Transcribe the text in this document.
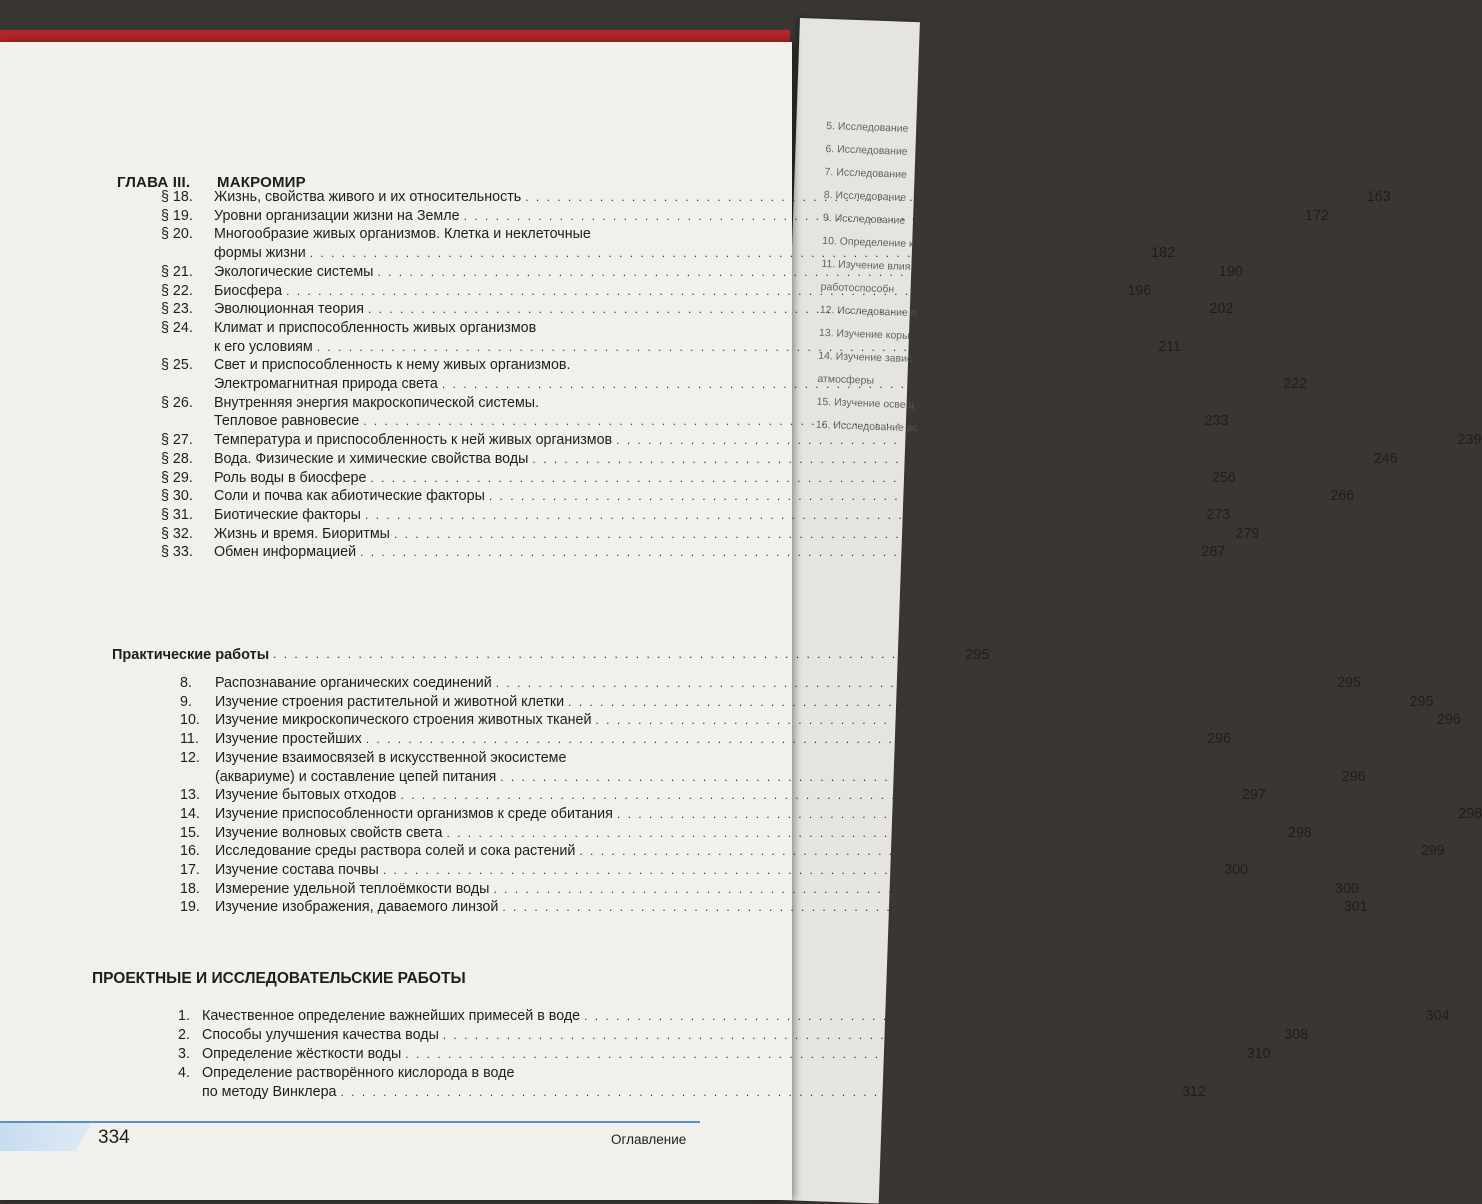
5. Исследование
6. Исследование
7. Исследование
8. Исследование
9. Исследование
10. Определение к
11. Изучение влия
работоспособн
12. Исследование п
13. Изучение коры
14. Изучение завис
атмосферы
15. Изучение освещ
16. Исследование вс
ГЛАВА III. МАКРОМИР
§ 18.	Жизнь, свойства живого и их относительность . . .	163
§ 19.	Уровни организации жизни на Земле . . .	172
§ 20. Многообразие живых организмов. Клетка и неклеточные
формы жизни . . .	182
§ 21.	Экологические системы . . .	190
§ 22.	Биосфера . . .	196
§ 23.	Эволюционная теория . . .	202
§ 24. Климат и приспособленность живых организмов
к его условиям . . .	211
§ 25. Свет и приспособленность к нему живых организмов.
Электромагнитная природа света . . .	222
§ 26. Внутренняя энергия макроскопической системы.
Тепловое равновесие . . .	233
§ 27.	Температура и приспособленность к ней живых организмов . . .	239
§ 28.	Вода. Физические и химические свойства воды . . .	246
§ 29.	Роль воды в биосфере . . .	256
§ 30.	Соли и почва как абиотические факторы . . .	266
§ 31.	Биотические факторы . . .	273
§ 32.	Жизнь и время. Биоритмы . . .	279
§ 33.	Обмен информацией . . .	287
Практические работы . . . . . . . . . . . . . . . . . . . . . . . . . . . . . . . . . . . . . . . . . . . . . . . . . . . . . . . . . . . . . . . . . 295
8.	Распознавание органических соединений . . .	295
9.	Изучение строения растительной и животной клетки . . .	295
10.	Изучение микроскопического строения животных тканей . . .	296
11.	Изучение простейших . . .	296
12. Изучение взаимосвязей в искусственной экосистеме
(аквариуме) и составление цепей питания . . .	296
13.	Изучение бытовых отходов . . .	297
14.	Изучение приспособленности организмов к среде обитания . . .	298
15.	Изучение волновых свойств света . . .	298
16.	Исследование среды раствора солей и сока растений . . .	299
17.	Изучение состава почвы . . .	300
18.	Измерение удельной теплоёмкости воды . . .	300
19.	Изучение изображения, даваемого линзой . . .	301
ПРОЕКТНЫЕ И ИССЛЕДОВАТЕЛЬСКИЕ РАБОТЫ
1. Качественное определение важнейших примесей в воде . . .	304
2. Способы улучшения качества воды . . .	308
3. Определение жёсткости воды . . .	310
4. Определение растворённого кислорода в воде
по методу Винклера . . .	312
334	Оглавление
